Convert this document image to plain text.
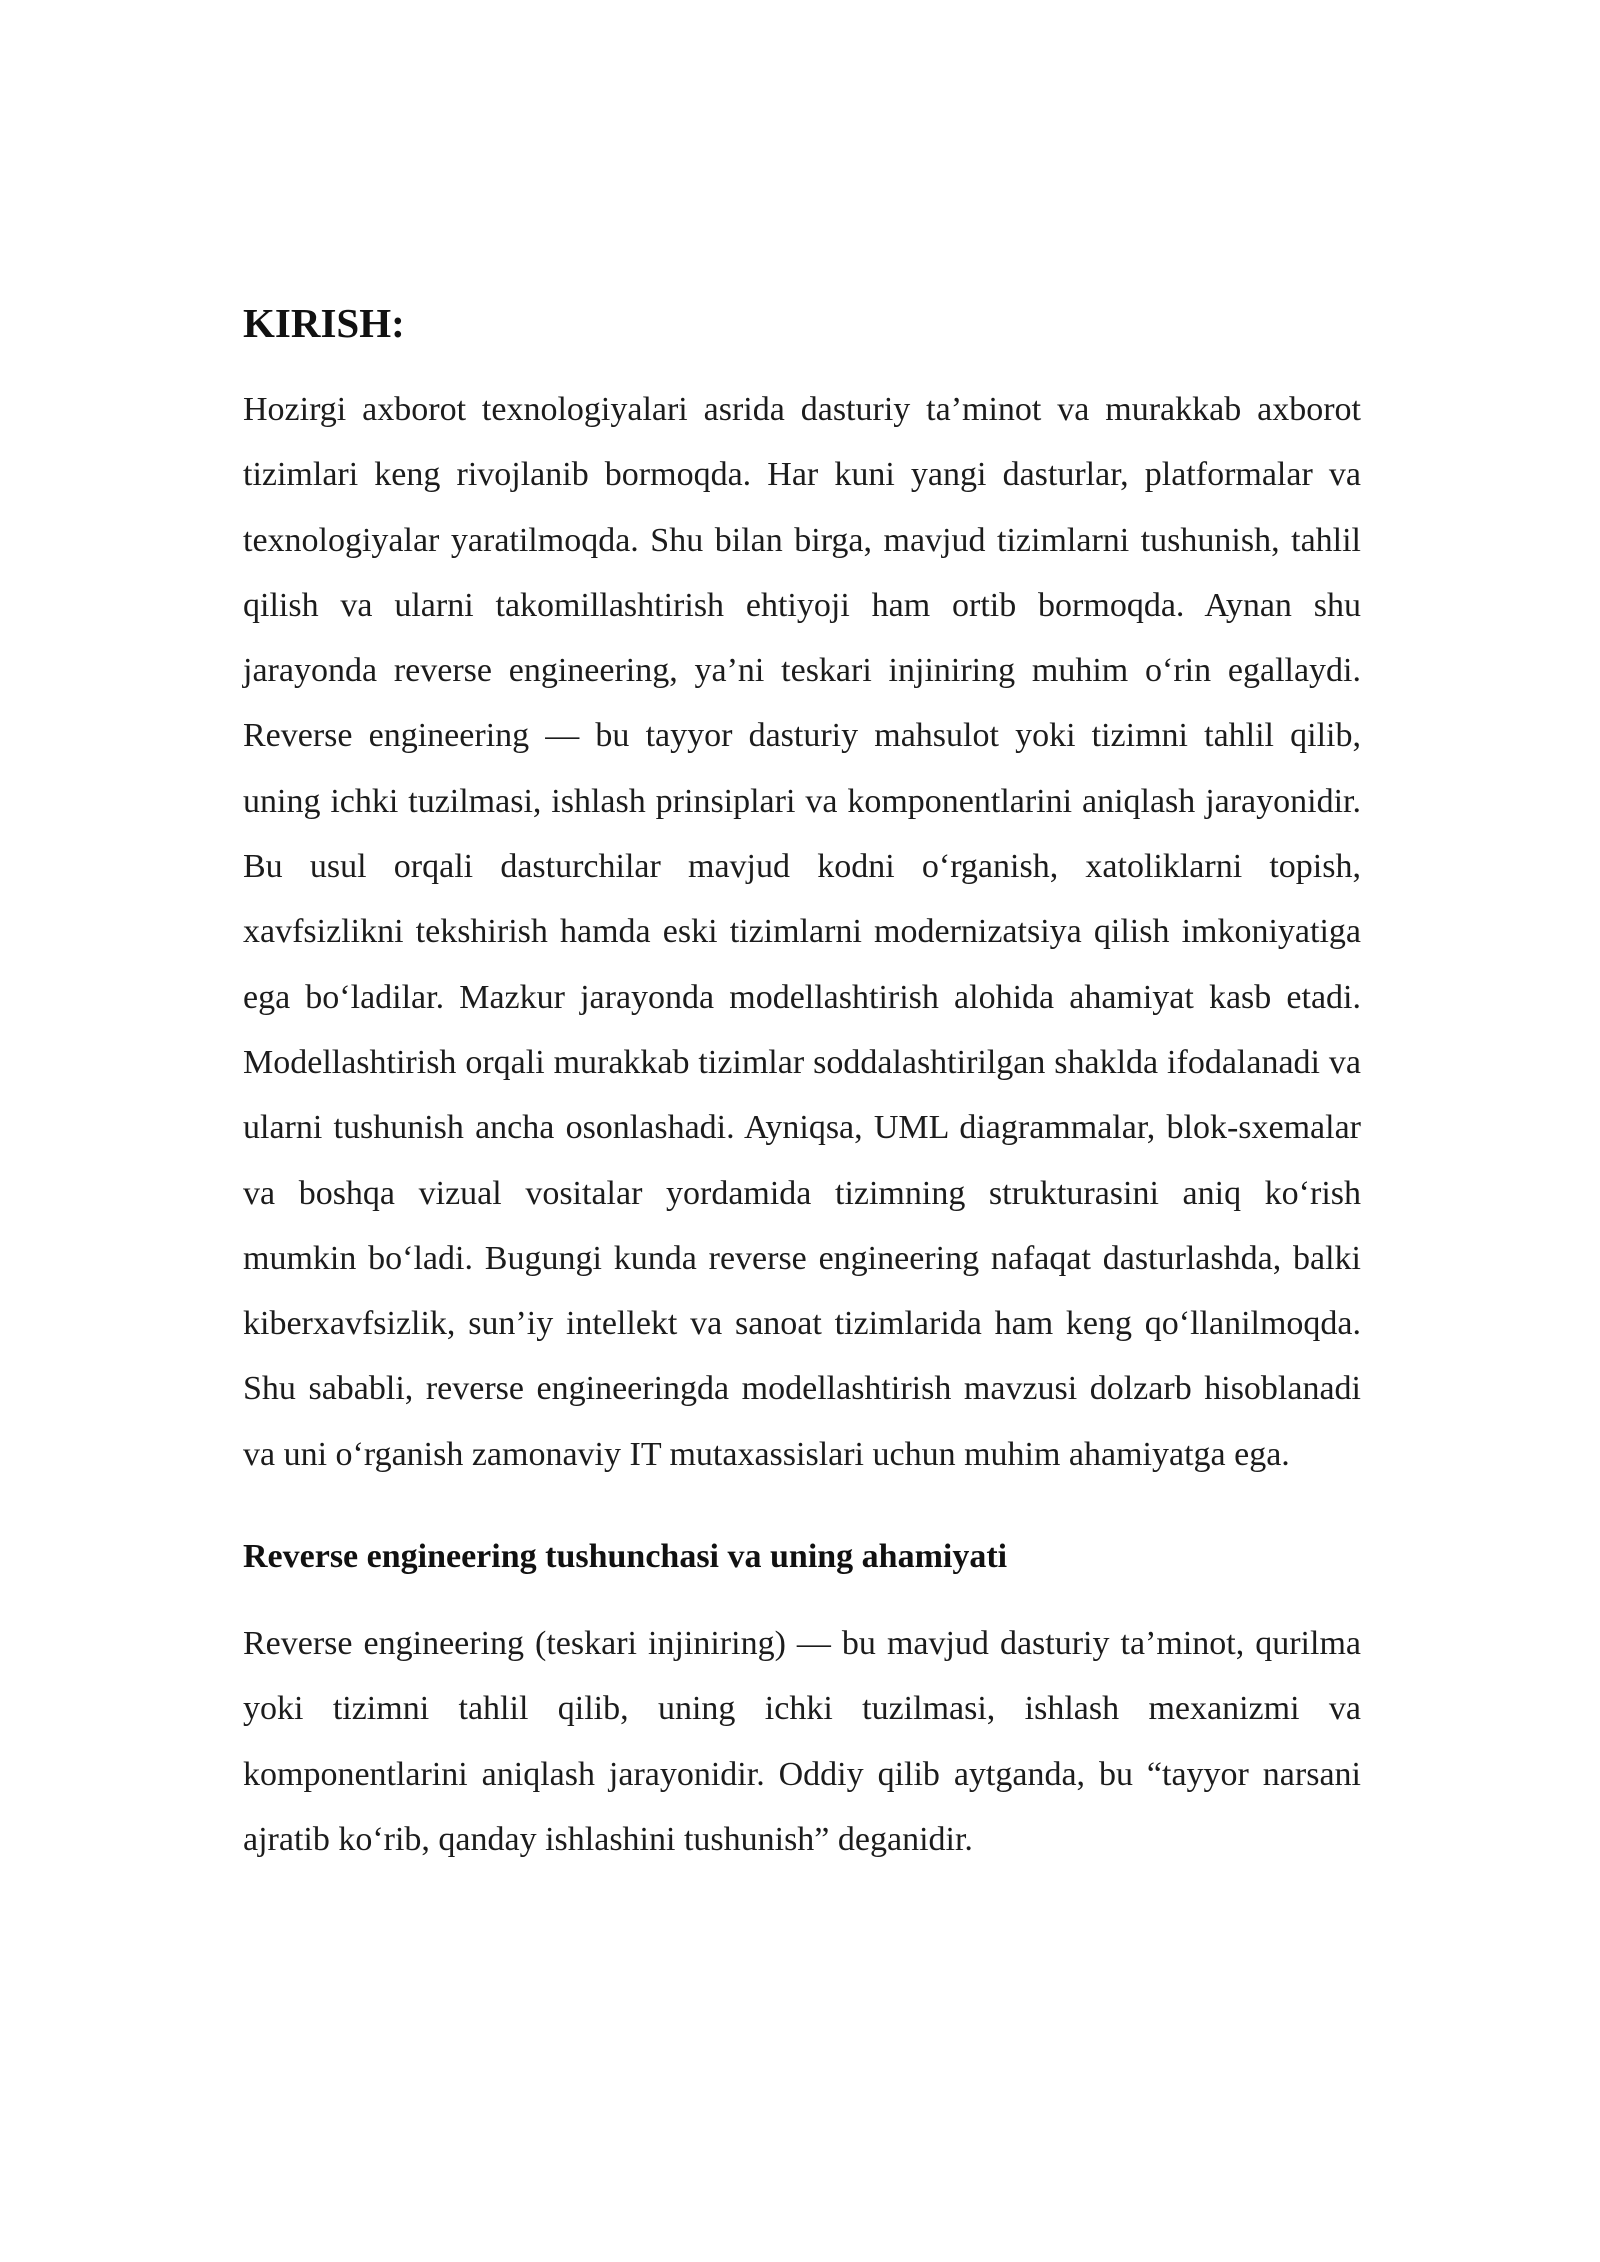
KIRISH:

Hozirgi axborot texnologiyalari asrida dasturiy ta’minot va murakkab axborot tizimlari keng rivojlanib bormoqda. Har kuni yangi dasturlar, platformalar va texnologiyalar yaratilmoqda. Shu bilan birga, mavjud tizimlarni tushunish, tahlil qilish va ularni takomillashtirish ehtiyoji ham ortib bormoqda. Aynan shu jarayonda reverse engineering, ya’ni teskari injiniring muhim o‘rin egallaydi. Reverse engineering — bu tayyor dasturiy mahsulot yoki tizimni tahlil qilib, uning ichki tuzilmasi, ishlash prinsiplari va komponentlarini aniqlash jarayonidir. Bu usul orqali dasturchilar mavjud kodni o‘rganish, xatoliklarni topish, xavfsizlikni tekshirish hamda eski tizimlarni modernizatsiya qilish imkoniyatiga ega bo‘ladilar. Mazkur jarayonda modellashtirish alohida ahamiyat kasb etadi. Modellashtirish orqali murakkab tizimlar soddalashtirilgan shaklda ifodalanadi va ularni tushunish ancha osonlashadi. Ayniqsa, UML diagrammalar, blok-sxemalar va boshqa vizual vositalar yordamida tizimning strukturasini aniq ko‘rish mumkin bo‘ladi. Bugungi kunda reverse engineering nafaqat dasturlashda, balki kiberxavfsizlik, sun’iy intellekt va sanoat tizimlarida ham keng qo‘llanilmoqda. Shu sababli, reverse engineeringda modellashtirish mavzusi dolzarb hisoblanadi va uni o‘rganish zamonaviy IT mutaxassislari uchun muhim ahamiyatga ega.

Reverse engineering tushunchasi va uning ahamiyati

Reverse engineering (teskari injiniring) — bu mavjud dasturiy ta’minot, qurilma yoki tizimni tahlil qilib, uning ichki tuzilmasi, ishlash mexanizmi va komponentlarini aniqlash jarayonidir. Oddiy qilib aytganda, bu “tayyor narsani ajratib ko‘rib, qanday ishlashini tushunish” deganidir.
